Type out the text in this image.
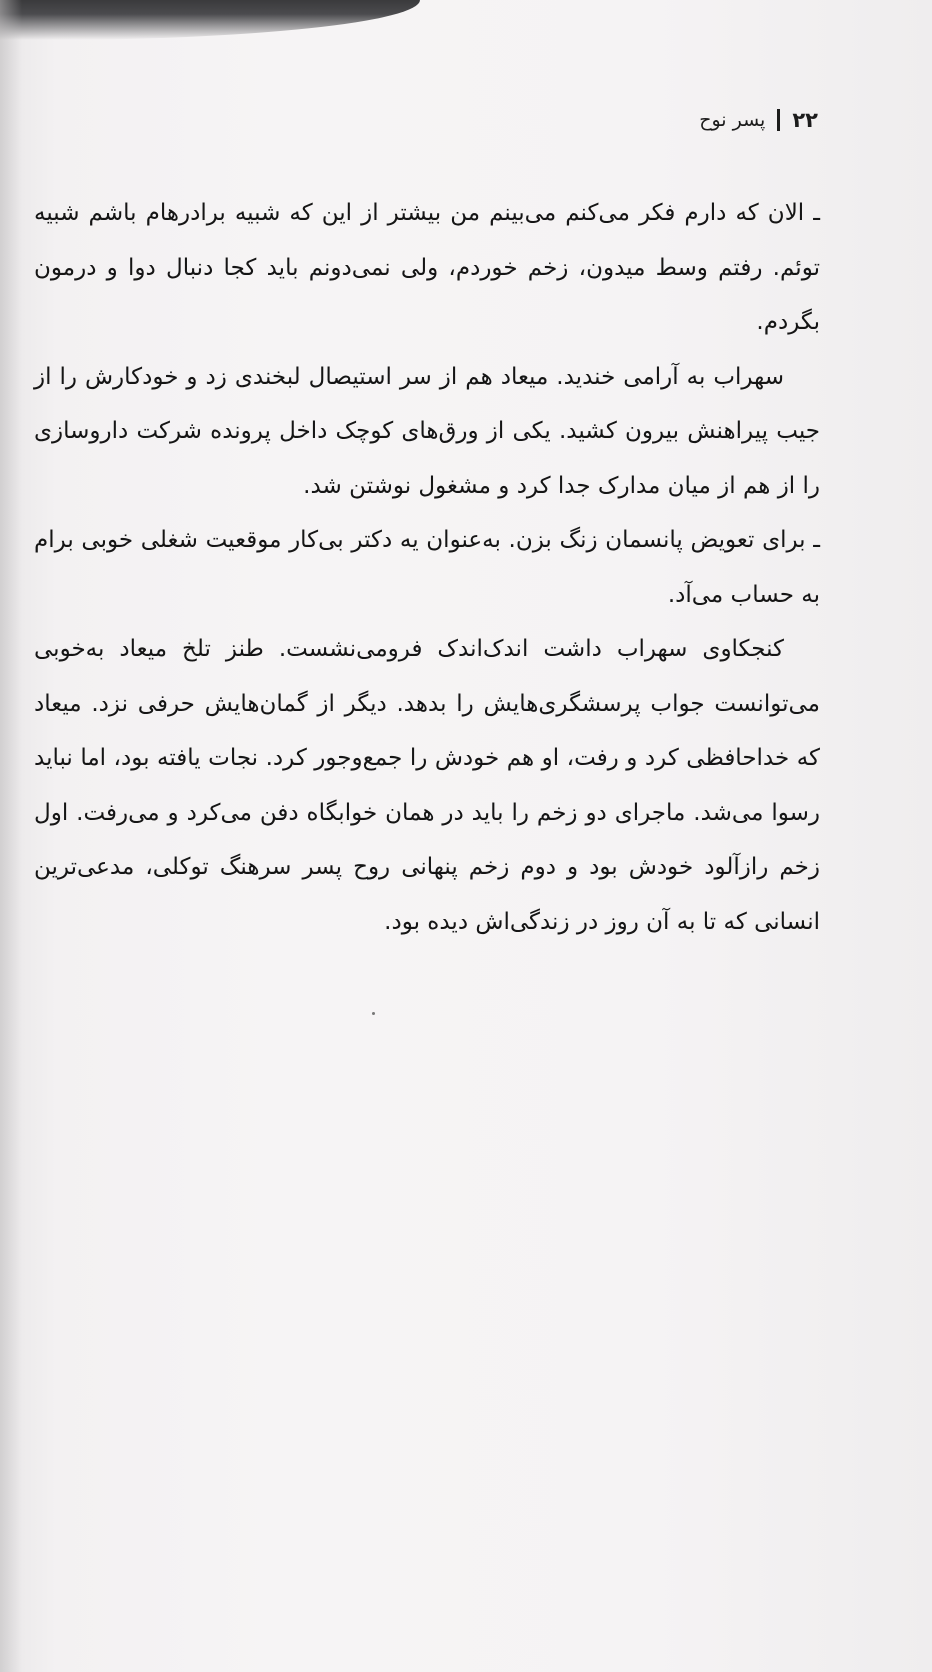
۲۲
پسر نوح

ـ الان که دارم فکر می‌کنم می‌بینم من بیشتر از این که شبیه برادرهام باشم شبیه توئم. رفتم وسط میدون، زخم خوردم، ولی نمی‌دونم باید کجا دنبال دوا و درمون بگردم.

سهراب به آرامی خندید. میعاد هم از سر استیصال لبخندی زد و خودکارش را از جیب پیراهنش بیرون کشید. یکی از ورق‌های کوچک داخل پرونده شرکت داروسازی را از هم از میان مدارک جدا کرد و مشغول نوشتن شد.

ـ برای تعویض پانسمان زنگ بزن. به‌عنوان یه دکتر بی‌کار موقعیت شغلی خوبی برام به حساب می‌آد.

کنجکاوی سهراب داشت اندک‌اندک فرومی‌نشست. طنز تلخ میعاد به‌خوبی می‌توانست جواب پرسشگری‌هایش را بدهد. دیگر از گمان‌هایش حرفی نزد. میعاد که خداحافظی کرد و رفت، او هم خودش را جمع‌وجور کرد. نجات یافته بود، اما نباید رسوا می‌شد. ماجرای دو زخم را باید در همان خوابگاه دفن می‌کرد و می‌رفت. اول زخم رازآلود خودش بود و دوم زخم پنهانی روح پسر سرهنگ توکلی، مدعی‌ترین انسانی که تا به آن روز در زندگی‌اش دیده بود.
